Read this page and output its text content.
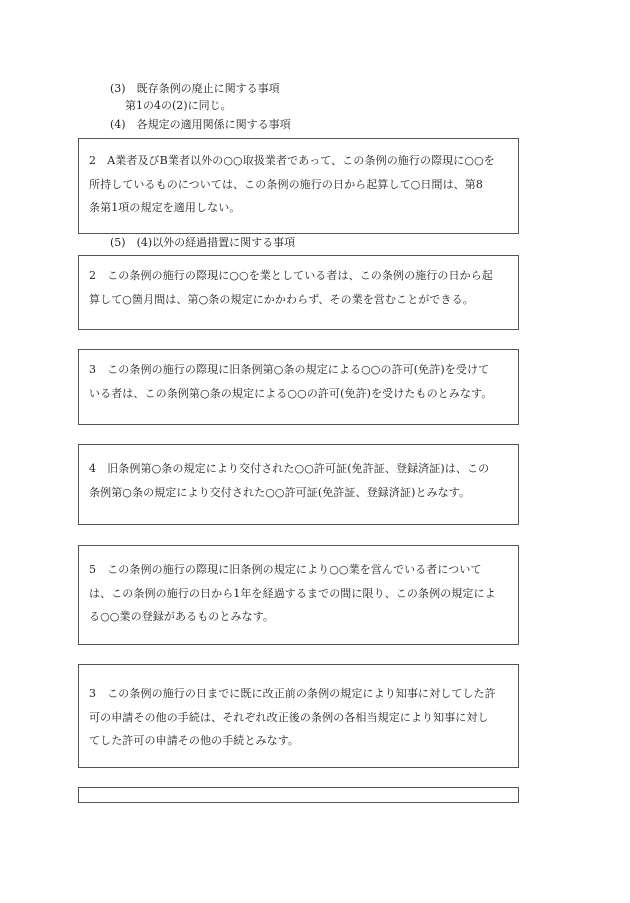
(3)　既存条例の廃止に関する事項
第1の4の(2)に同じ。
(4)　各規定の適用関係に関する事項

2　A業者及びB業者以外の○○取扱業者であって、この条例の施行の際現に○○を

所持しているものについては、この条例の施行の日から起算して○日間は、第8

条第1項の規定を適用しない。

(5)　(4)以外の経過措置に関する事項

2　この条例の施行の際現に○○を業としている者は、この条例の施行の日から起

算して○箇月間は、第○条の規定にかかわらず、その業を営むことができる。

3　この条例の施行の際現に旧条例第○条の規定による○○の許可(免許)を受けて

いる者は、この条例第○条の規定による○○の許可(免許)を受けたものとみなす。

4　旧条例第○条の規定により交付された○○許可証(免許証、登録済証)は、この

条例第○条の規定により交付された○○許可証(免許証、登録済証)とみなす。

5　この条例の施行の際現に旧条例の規定により○○業を営んでいる者について

は、この条例の施行の日から1年を経過するまでの間に限り、この条例の規定によ

る○○業の登録があるものとみなす。

3　この条例の施行の日までに既に改正前の条例の規定により知事に対してした許

可の申請その他の手続は、それぞれ改正後の条例の各相当規定により知事に対し

てした許可の申請その他の手続とみなす。
